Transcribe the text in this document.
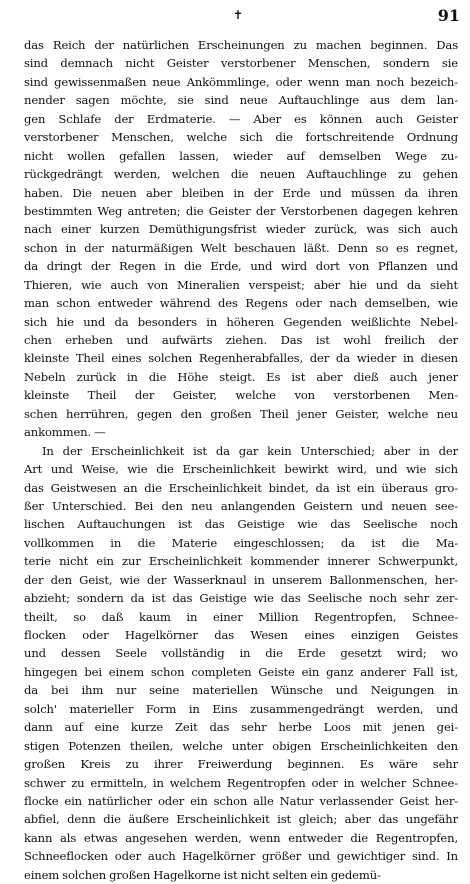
✝	91
das Reich der natürlichen Erscheinungen zu machen beginnen. Das
sind demnach nicht Geister verstorbener Menschen, sondern sie
sind gewissenmaßen neue Ankömmlinge, oder wenn man noch bezeich-
nender sagen möchte, sie sind neue Auftauchlinge aus dem lan-
gen Schlafe der Erdmaterie. — Aber es können auch Geister
verstorbener Menschen, welche sich die fortschreitende Ordnung
nicht wollen gefallen lassen, wieder auf demselben Wege zu-
rückgedrängt werden, welchen die neuen Auftauchlinge zu gehen
haben. Die neuen aber bleiben in der Erde und müssen da ihren
bestimmten Weg antreten; die Geister der Verstorbenen dagegen kehren
nach einer kurzen Demüthigungsfrist wieder zurück, was sich auch
schon in der naturmäßigen Welt beschauen läßt. Denn so es regnet,
da dringt der Regen in die Erde, und wird dort von Pflanzen und
Thieren, wie auch von Mineralien verspeist; aber hie und da sieht
man schon entweder während des Regens oder nach demselben, wie
sich hie und da besonders in höheren Gegenden weißlichte Nebel-
chen erheben und aufwärts ziehen. Das ist wohl freilich der
kleinste Theil eines solchen Regenherabfalles, der da wieder in diesen
Nebeln zurück in die Höhe steigt. Es ist aber dieß auch jener
kleinste Theil der Geister, welche von verstorbenen Men-
schen herrühren, gegen den großen Theil jener Geister, welche neu
ankommen. —
In der Erscheinlichkeit ist da gar kein Unterschied; aber in der
Art und Weise, wie die Erscheinlichkeit bewirkt wird, und wie sich
das Geistwesen an die Erscheinlichkeit bindet, da ist ein überaus gro-
ßer Unterschied. Bei den neu anlangenden Geistern und neuen see-
lischen Auftauchungen ist das Geistige wie das Seelische noch
vollkommen in die Materie eingeschlossen; da ist die Ma-
terie nicht ein zur Erscheinlichkeit kommender innerer Schwerpunkt,
der den Geist, wie der Wasserknaul in unserem Ballonmenschen, her-
abzieht; sondern da ist das Geistige wie das Seelische noch sehr zer-
theilt, so daß kaum in einer Million Regentropfen, Schnee-
flocken oder Hagelkörner das Wesen eines einzigen Geistes
und dessen Seele vollständig in die Erde gesetzt wird; wo
hingegen bei einem schon completen Geiste ein ganz anderer Fall ist,
da bei ihm nur seine materiellen Wünsche und Neigungen in
solch' materieller Form in Eins zusammengedrängt werden, und
dann auf eine kurze Zeit das sehr herbe Loos mit jenen gei-
stigen Potenzen theilen, welche unter obigen Erscheinlichkeiten den
großen Kreis zu ihrer Freiwerdung beginnen. Es wäre sehr
schwer zu ermitteln, in welchem Regentropfen oder in welcher Schnee-
flocke ein natürlicher oder ein schon alle Natur verlassender Geist her-
abfiel, denn die äußere Erscheinlichkeit ist gleich; aber das ungefähr
kann als etwas angesehen werden, wenn entweder die Regentropfen,
Schneeflocken oder auch Hagelkörner größer und gewichtiger sind. In
einem solchen großen Hagelkorne ist nicht selten ein gedemü-
